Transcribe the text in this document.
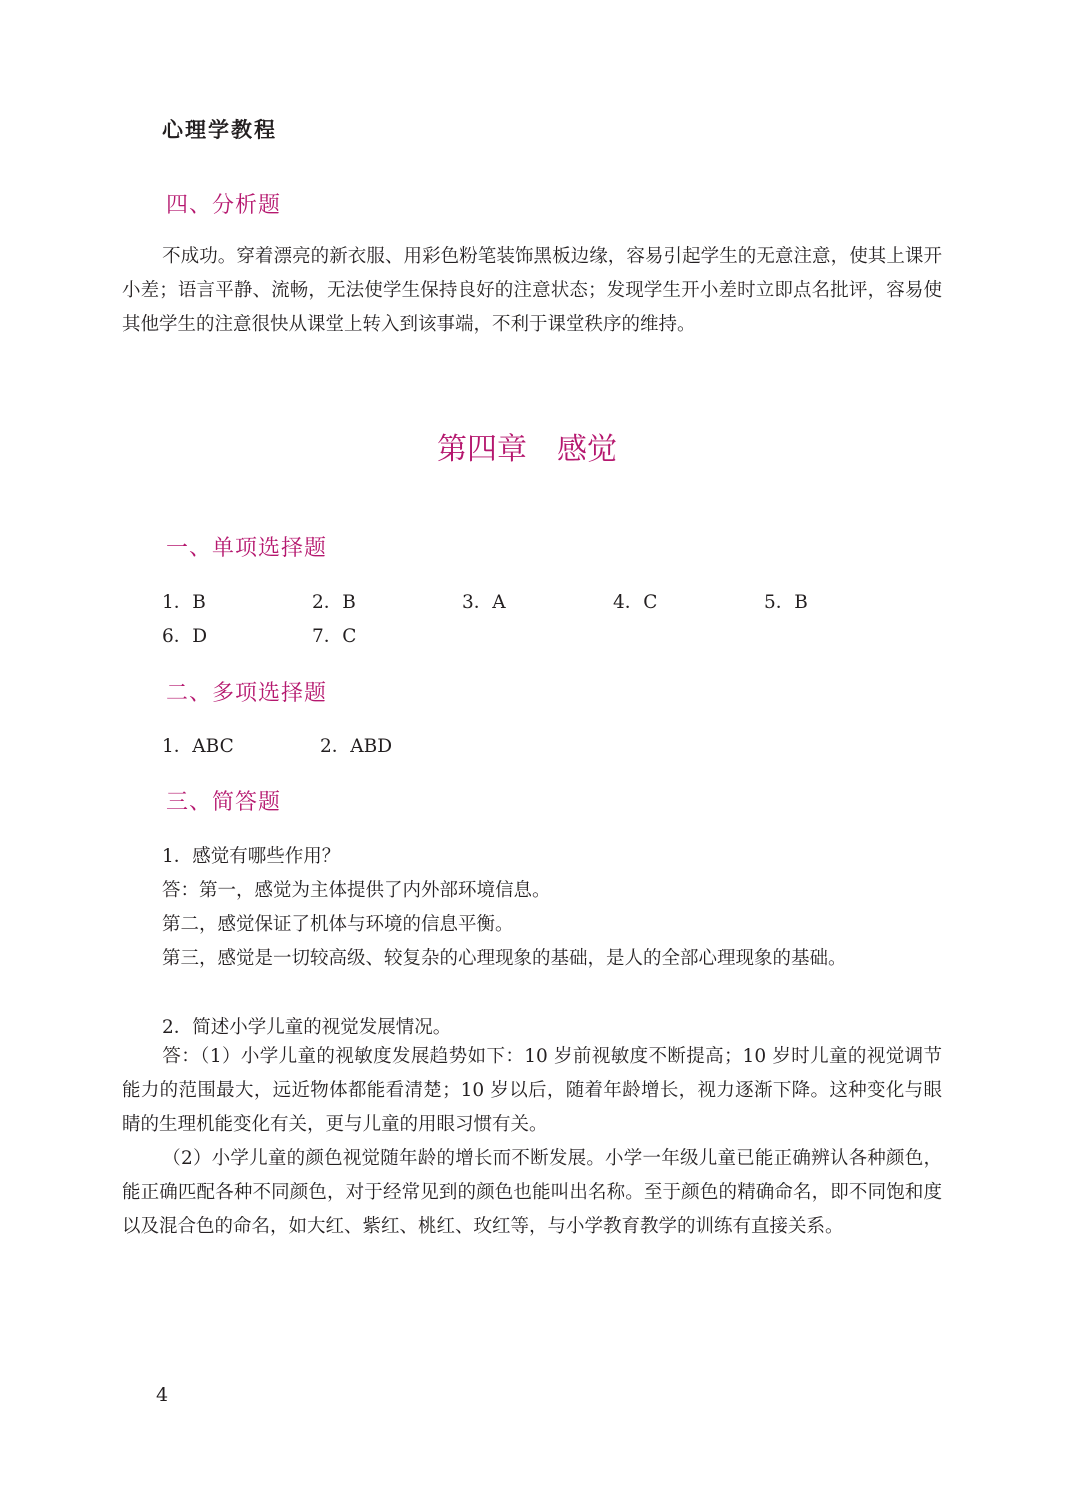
心理学教程
四、分析题
不成功。穿着漂亮的新衣服、用彩色粉笔装饰黑板边缘，容易引起学生的无意注意，使其上课开小差；语言平静、流畅，无法使学生保持良好的注意状态；发现学生开小差时立即点名批评，容易使其他学生的注意很快从课堂上转入到该事端，不利于课堂秩序的维持。
第四章　感觉
一、单项选择题
1．B	2．B	3．A	4．C	5．B
6．D	7．C
二、多项选择题
1．ABC	2．ABD
三、简答题
1．感觉有哪些作用？
答：第一，感觉为主体提供了内外部环境信息。
第二，感觉保证了机体与环境的信息平衡。
第三，感觉是一切较高级、较复杂的心理现象的基础，是人的全部心理现象的基础。
2．简述小学儿童的视觉发展情况。
答：（1）小学儿童的视敏度发展趋势如下：10 岁前视敏度不断提高；10 岁时儿童的视觉调节能力的范围最大，远近物体都能看清楚；10 岁以后，随着年龄增长，视力逐渐下降。这种变化与眼睛的生理机能变化有关，更与儿童的用眼习惯有关。
（2）小学儿童的颜色视觉随年龄的增长而不断发展。小学一年级儿童已能正确辨认各种颜色，能正确匹配各种不同颜色，对于经常见到的颜色也能叫出名称。至于颜色的精确命名，即不同饱和度以及混合色的命名，如大红、紫红、桃红、玫红等，与小学教育教学的训练有直接关系。
4
